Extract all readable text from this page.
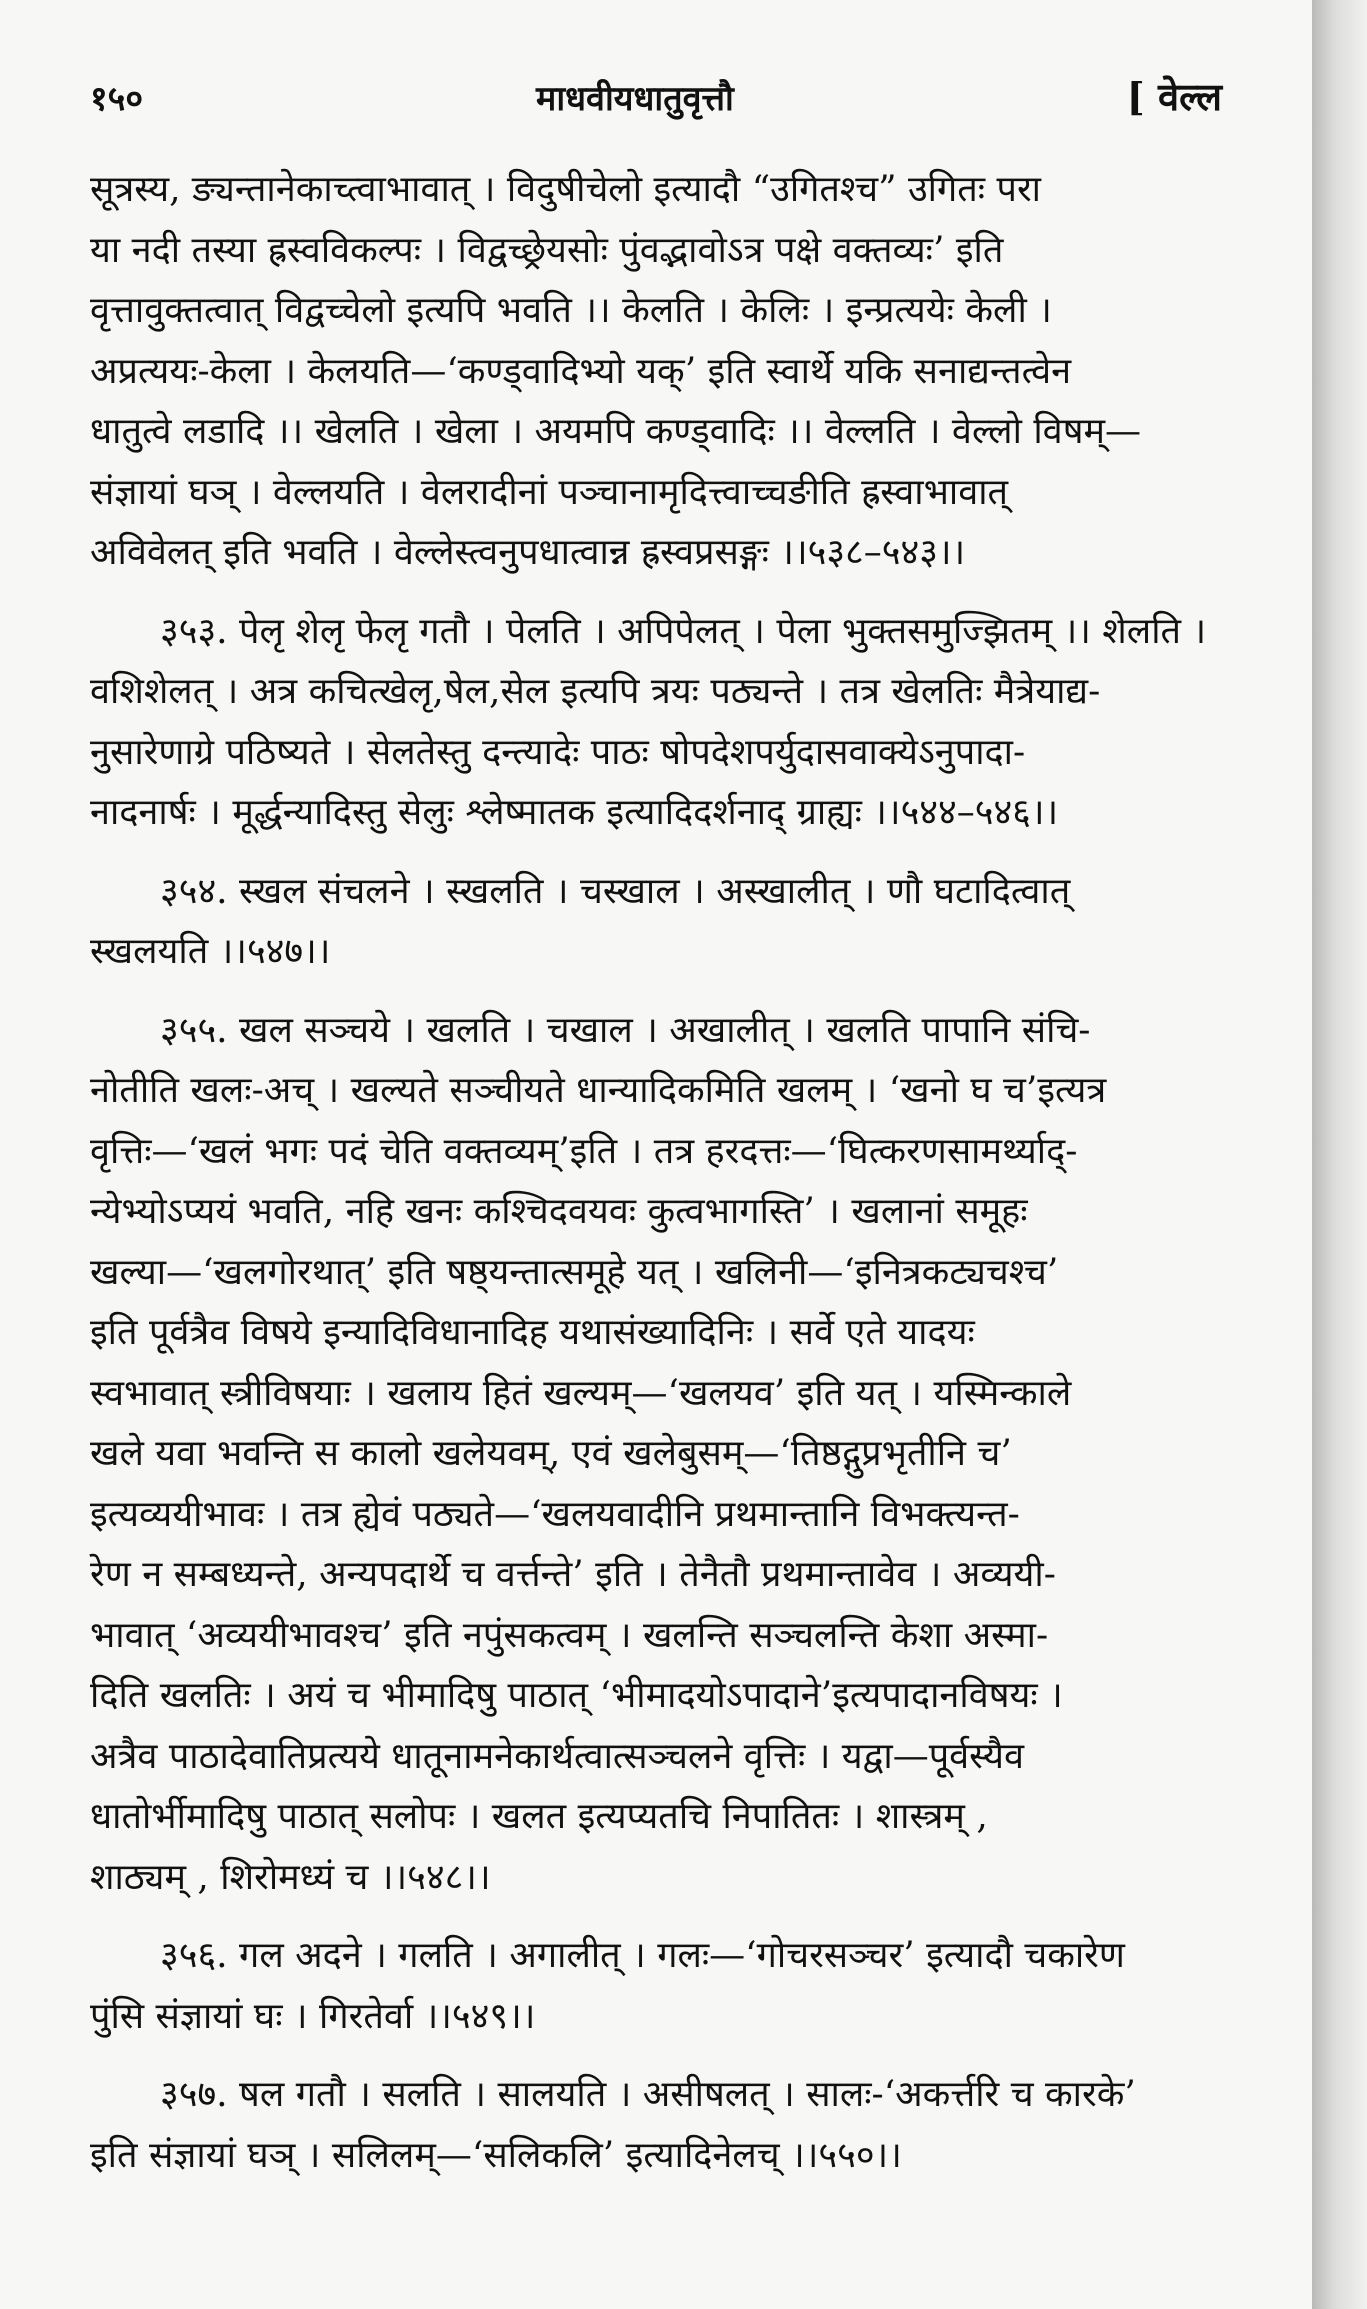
१५०	माधवीयधातुवृत्तौ	[ वेल्ल

सूत्रस्य, ङ्यन्तानेकाच्त्वाभावात् । विदुषीचेलो इत्यादौ “उगितश्च” उगितः परा
या नदी तस्या ह्रस्वविकल्पः । विद्वच्छ्रेयसोः पुंवद्भावोऽत्र पक्षे वक्तव्यः’ इति
वृत्तावुक्तत्वात् विद्वच्चेलो इत्यपि भवति ।। केलति । केलिः । इन्प्रत्ययेः केली ।
अप्रत्ययः-केला । केलयति—‘कण्ड्वादिभ्यो यक्’ इति स्वार्थे यकि सनाद्यन्तत्वेन
धातुत्वे लडादि ।। खेलति । खेला । अयमपि कण्ड्वादिः ।। वेल्लति । वेल्लो विषम्—
संज्ञायां घञ् । वेल्लयति । वेलरादीनां पञ्चानामृदित्त्वाच्चङीति ह्रस्वाभावात्
अविवेलत् इति भवति । वेल्लेस्त्वनुपधात्वान्न ह्रस्वप्रसङ्गः ।।५३८–५४३।।

३५३. पेलृ शेलृ फेलृ गतौ । पेलति । अपिपेलत् । पेला भुक्तसमुज्झितम् ।। शेलति ।
वशिशेलत् । अत्र कचित्खेलृ,षेल,सेल इत्यपि त्रयः पठ्यन्ते । तत्र खेलतिः मैत्रेयाद्य-
नुसारेणाग्रे पठिष्यते । सेलतेस्तु दन्त्यादेः पाठः षोपदेशपर्युदासवाक्येऽनुपादा-
नादनार्षः । मूर्द्धन्यादिस्तु सेलुः श्लेष्मातक इत्यादिदर्शनाद् ग्राह्यः ।।५४४–५४६।।

३५४. स्खल संचलने । स्खलति । चस्खाल । अस्खालीत् । णौ घटादित्वात्
स्खलयति ।।५४७।।

३५५. खल सञ्चये । खलति । चखाल । अखालीत् । खलति पापानि संचि-
नोतीति खलः-अच् । खल्यते सञ्चीयते धान्यादिकमिति खलम् । ‘खनो घ च’इत्यत्र
वृत्तिः—‘खलं भगः पदं चेति वक्तव्यम्’इति । तत्र हरदत्तः—‘घित्करणसामर्थ्याद्-
न्येभ्योऽप्ययं भवति, नहि खनः कश्चिदवयवः कुत्वभागस्ति’ । खलानां समूहः
खल्या—‘खलगोरथात्’ इति षष्ठ्यन्तात्समूहे यत् । खलिनी—‘इनित्रकट्यचश्च’
इति पूर्वत्रैव विषये इन्यादिविधानादिह यथासंख्यादिनिः । सर्वे एते यादयः
स्वभावात् स्त्रीविषयाः । खलाय हितं खल्यम्—‘खलयव’ इति यत् । यस्मिन्काले
खले यवा भवन्ति स कालो खलेयवम्, एवं खलेबुसम्—‘तिष्ठद्गुप्रभृतीनि च’
इत्यव्ययीभावः । तत्र ह्येवं पठ्यते—‘खलयवादीनि प्रथमान्तानि विभक्त्यन्त-
रेण न सम्बध्यन्ते, अन्यपदार्थे च वर्त्तन्ते’ इति । तेनैतौ प्रथमान्तावेव । अव्ययी-
भावात् ‘अव्ययीभावश्च’ इति नपुंसकत्वम् । खलन्ति सञ्चलन्ति केशा अस्मा-
दिति खलतिः । अयं च भीमादिषु पाठात् ‘भीमादयोऽपादाने’इत्यपादानविषयः ।
अत्रैव पाठादेवातिप्रत्यये धातूनामनेकार्थत्वात्सञ्चलने वृत्तिः । यद्वा—पूर्वस्यैव
धातोर्भीमादिषु पाठात् सलोपः । खलत इत्यप्यतचि निपातितः । शास्त्रम् ,
शाठ्यम् , शिरोमध्यं च ।।५४८।।

३५६. गल अदने । गलति । अगालीत् । गलः—‘गोचरसञ्चर’ इत्यादौ चकारेण
पुंसि संज्ञायां घः । गिरतेर्वा ।।५४९।।

३५७. षल गतौ । सलति । सालयति । असीषलत् । सालः-‘अकर्त्तरि च कारके’
इति संज्ञायां घञ् । सलिलम्—‘सलिकलि’ इत्यादिनेलच् ।।५५०।।
